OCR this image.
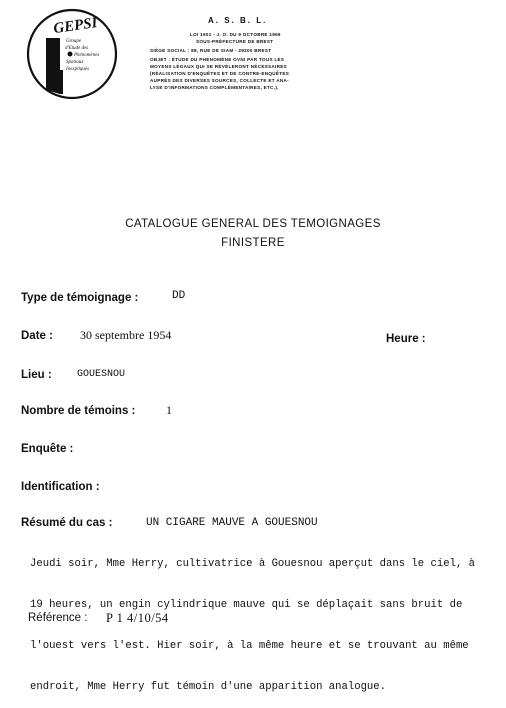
GEPSI
Groupe
d'Etude des
Phénomènes
Spatiaux
Inexpliqués
A. S. B. L.
LOI 1901 - J. O. DU 9 OCTOBRE 1969
SOUS-PRÉFECTURE DE BREST
SIÈGE SOCIAL : 88, RUE DE SIAM - 29200 BREST
OBJET : ÉTUDE DU PHÉNOMÈNE OVNI PAR TOUS LES
MOYENS LÉGAUX QUI SE RÉVÉLERONT NÉCESSAIRES
(RÉALISATION D'ENQUÊTES ET DE CONTRE-ENQUÊTES
AUPRÈS DES DIVERSES SOURCES, COLLECTE ET ANA-
LYSE D'INFORMATIONS COMPLÉMENTAIRES, ETC.).
CATALOGUE GENERAL DES TEMOIGNAGES
FINISTERE
Type de témoignage :	DD
Date : 30 septembre 1954	Heure :
Lieu :	GOUESNOU
Nombre de témoins :	1
Enquête :
Identification :
Résumé du cas :	UN CIGARE MAUVE A GOUESNOU

Jeudi soir, Mme Herry, cultivatrice à Gouesnou aperçut dans le ciel, à

19 heures, un engin cylindrique mauve qui se déplaçait sans bruit de

l'ouest vers l'est. Hier soir, à la même heure et se trouvant au même

endroit, Mme Herry fut témoin d'une apparition analogue.

Référence : P 1 4/10/54
